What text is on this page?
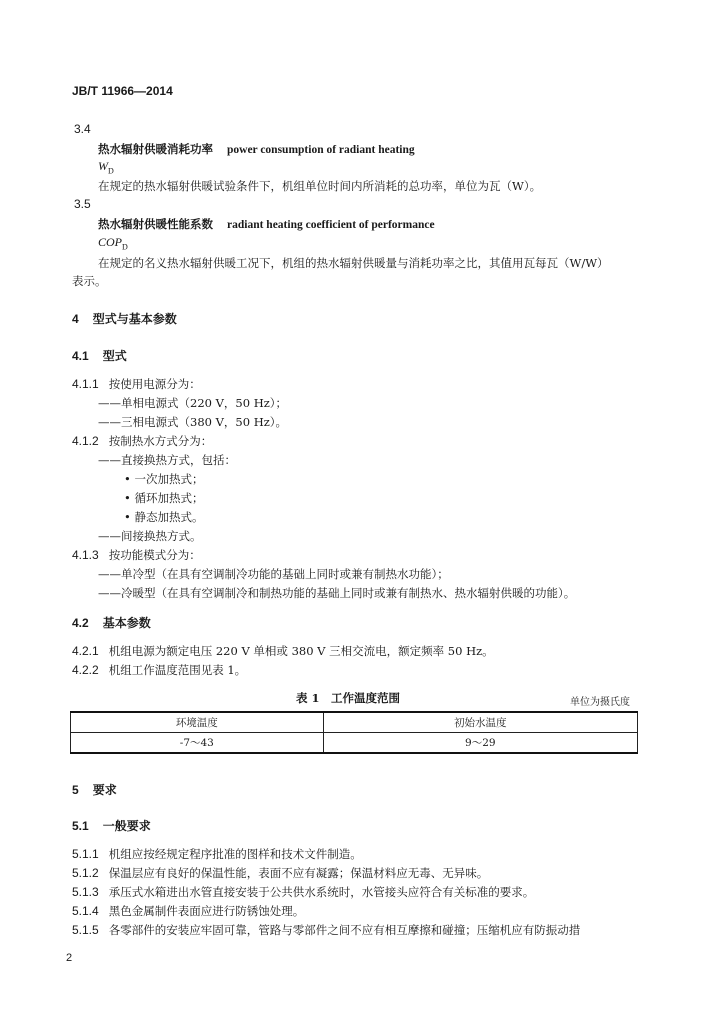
JB/T 11966—2014
3.4
热水辐射供暖消耗功率 power consumption of radiant heating
$W_D$
在规定的热水辐射供暖试验条件下，机组单位时间内所消耗的总功率，单位为瓦（W）。
3.5
热水辐射供暖性能系数 radiant heating coefficient of performance
$COP_D$
在规定的名义热水辐射供暖工况下，机组的热水辐射供暖量与消耗功率之比，其值用瓦每瓦（W/W）
表示。
4 型式与基本参数
4.1 型式
4.1.1 按使用电源分为：
——单相电源式（220 V，50 Hz）；
——三相电源式（380 V，50 Hz）。
4.1.2 按制热水方式分为：
——直接换热方式，包括：
• 一次加热式；
• 循环加热式；
• 静态加热式。
——间接换热方式。
4.1.3 按功能模式分为：
——单冷型（在具有空调制冷功能的基础上同时或兼有制热水功能）；
——冷暖型（在具有空调制冷和制热功能的基础上同时或兼有制热水、热水辐射供暖的功能）。
4.2 基本参数
4.2.1 机组电源为额定电压 220 V 单相或 380 V 三相交流电，额定频率 50 Hz。
4.2.2 机组工作温度范围见表 1。
表 1　工作温度范围	单位为摄氏度
环境温度	初始水温度
-7～43	9～29
5 要求
5.1 一般要求
5.1.1 机组应按经规定程序批准的图样和技术文件制造。
5.1.2 保温层应有良好的保温性能，表面不应有凝露；保温材料应无毒、无异味。
5.1.3 承压式水箱进出水管直接安装于公共供水系统时，水管接头应符合有关标准的要求。
5.1.4 黑色金属制件表面应进行防锈蚀处理。
5.1.5 各零部件的安装应牢固可靠，管路与零部件之间不应有相互摩擦和碰撞；压缩机应有防振动措
2
